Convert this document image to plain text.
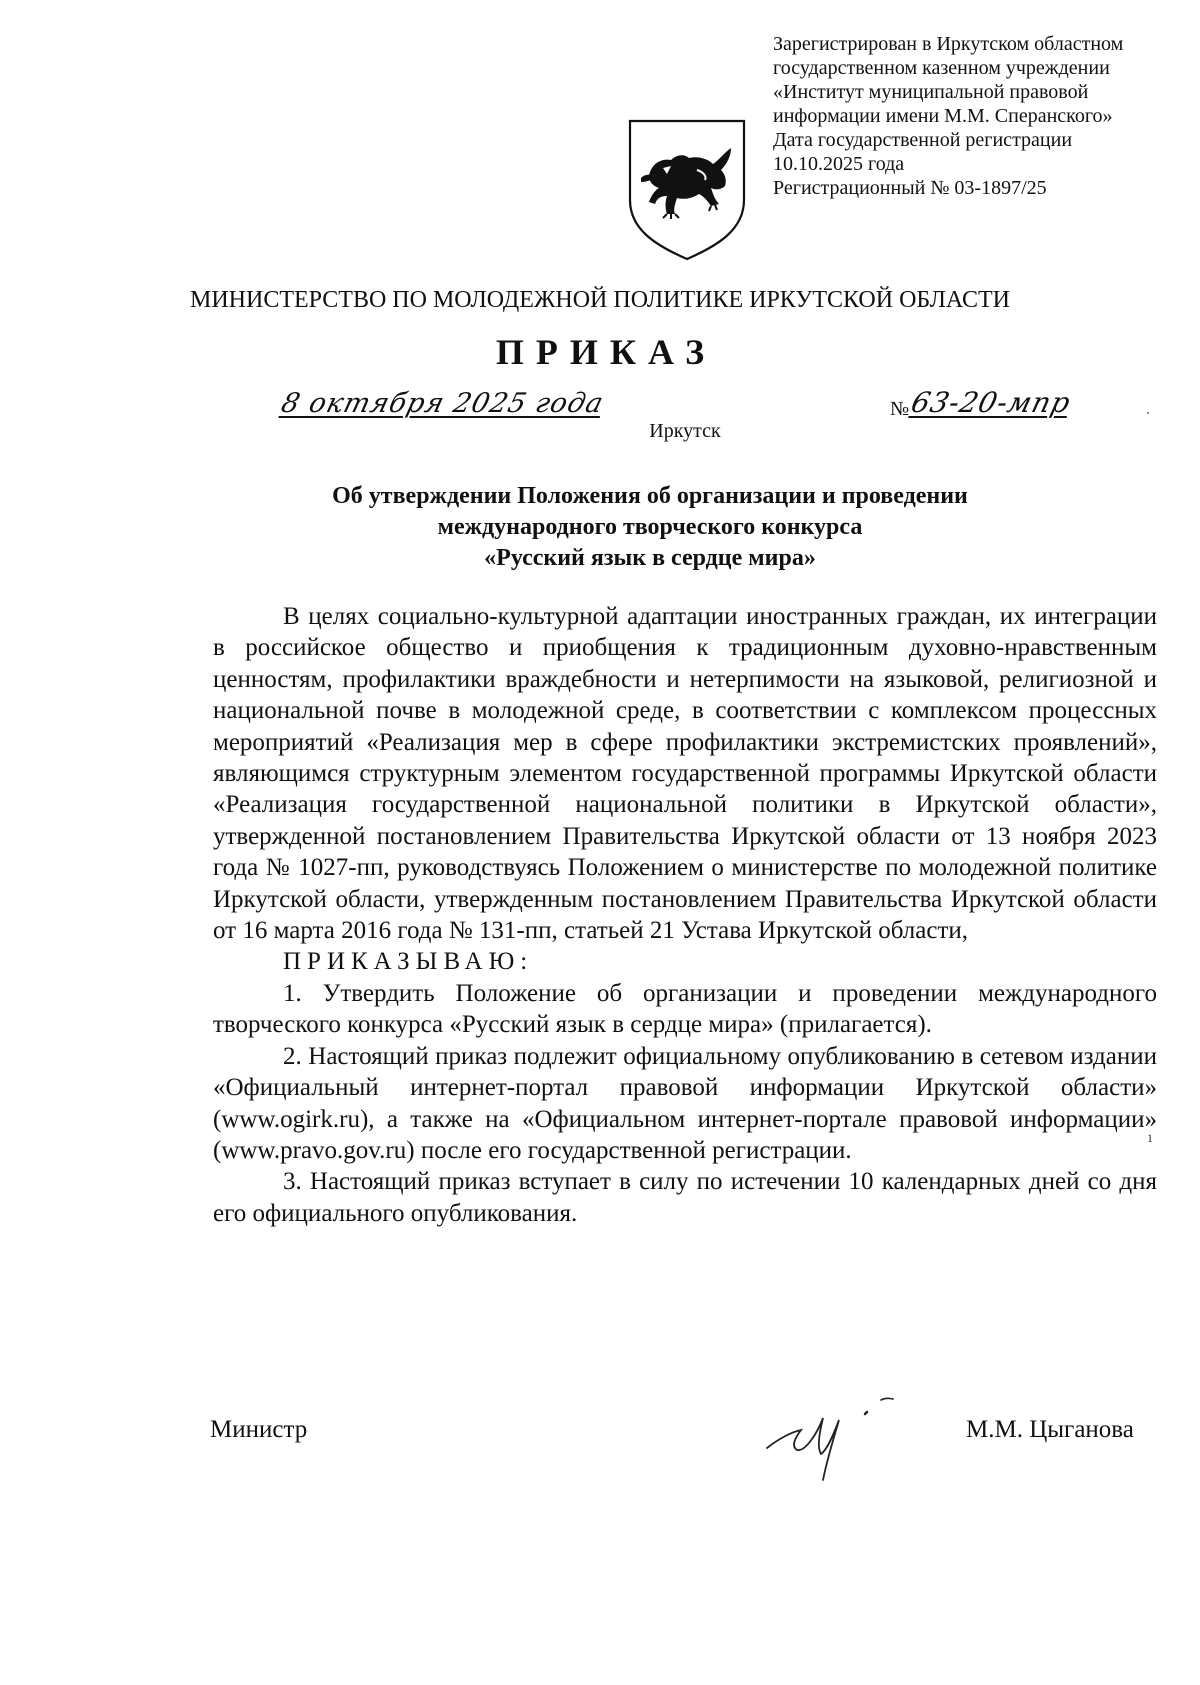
Зарегистрирован в Иркутском областном
государственном казенном учреждении
«Институт муниципальной правовой
информации имени М.М. Сперанского»
Дата государственной регистрации
10.10.2025 года
Регистрационный № 03-1897/25
МИНИСТЕРСТВО ПО МОЛОДЕЖНОЙ ПОЛИТИКЕ ИРКУТСКОЙ ОБЛАСТИ
ПРИКАЗ
8 октября 2025 года	№
63-20-мпр
Иркутск
Об утверждении Положения об организации и проведении
международного творческого конкурса
«Русский язык в сердце мира»

В целях социально-культурной адаптации иностранных граждан, их интеграции в российское общество и приобщения к традиционным духовно-нравственным ценностям, профилактики враждебности и нетерпимости на языковой, религиозной и национальной почве в молодежной среде, в соответствии с комплексом процессных мероприятий «Реализация мер в сфере профилактики экстремистских проявлений», являющимся структурным элементом государственной программы Иркутской области «Реализация государственной национальной политики в Иркутской области», утвержденной постановлением Правительства Иркутской области от 13 ноября 2023 года № 1027-пп, руководствуясь Положением о министерстве по молодежной политике Иркутской области, утвержденным постановлением Правительства Иркутской области от 16 марта 2016 года № 131-пп, статьей 21 Устава Иркутской области,

ПРИКАЗЫВАЮ:

1. Утвердить Положение об организации и проведении международного творческого конкурса «Русский язык в сердце мира» (прилагается).

2. Настоящий приказ подлежит официальному опубликованию в сетевом издании «Официальный интернет-портал правовой информации Иркутской области» (www.ogirk.ru), а также на «Официальном интернет-портале правовой информации» (www.pravo.gov.ru) после его государственной регистрации.

3. Настоящий приказ вступает в силу по истечении 10 календарных дней со дня его официального опубликования.

Министр	М.М. Цыганова
1
